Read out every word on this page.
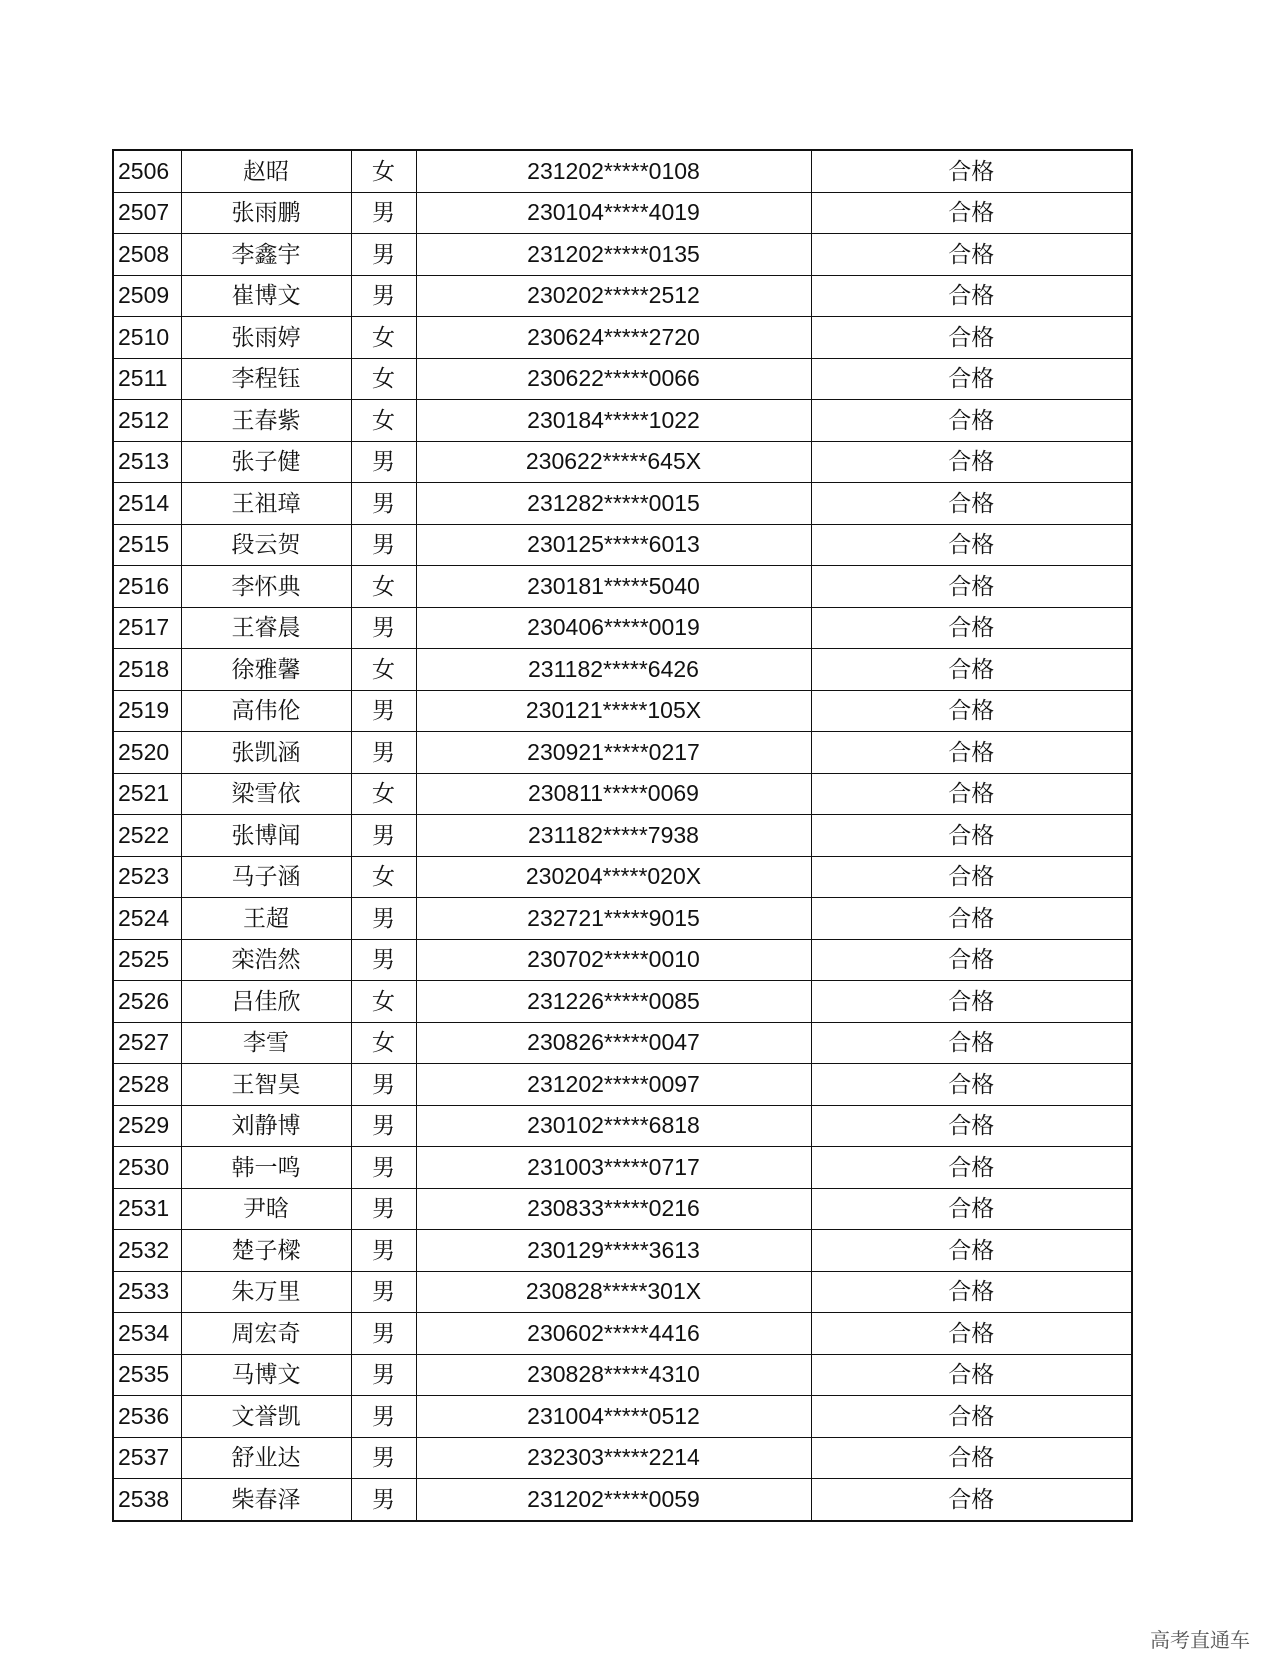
2506	赵昭	女	231202*****0108	合格
2507	张雨鹏	男	230104*****4019	合格
2508	李鑫宇	男	231202*****0135	合格
2509	崔博文	男	230202*****2512	合格
2510	张雨婷	女	230624*****2720	合格
2511	李程钰	女	230622*****0066	合格
2512	王春紫	女	230184*****1022	合格
2513	张子健	男	230622*****645X	合格
2514	王祖璋	男	231282*****0015	合格
2515	段云贺	男	230125*****6013	合格
2516	李怀典	女	230181*****5040	合格
2517	王睿晨	男	230406*****0019	合格
2518	徐雅馨	女	231182*****6426	合格
2519	高伟伦	男	230121*****105X	合格
2520	张凯涵	男	230921*****0217	合格
2521	梁雪依	女	230811*****0069	合格
2522	张博闻	男	231182*****7938	合格
2523	马子涵	女	230204*****020X	合格
2524	王超	男	232721*****9015	合格
2525	栾浩然	男	230702*****0010	合格
2526	吕佳欣	女	231226*****0085	合格
2527	李雪	女	230826*****0047	合格
2528	王智昊	男	231202*****0097	合格
2529	刘静博	男	230102*****6818	合格
2530	韩一鸣	男	231003*****0717	合格
2531	尹晗	男	230833*****0216	合格
2532	楚子樑	男	230129*****3613	合格
2533	朱万里	男	230828*****301X	合格
2534	周宏奇	男	230602*****4416	合格
2535	马博文	男	230828*****4310	合格
2536	文誉凯	男	231004*****0512	合格
2537	舒业达	男	232303*****2214	合格
2538	柴春泽	男	231202*****0059	合格
高考直通车
